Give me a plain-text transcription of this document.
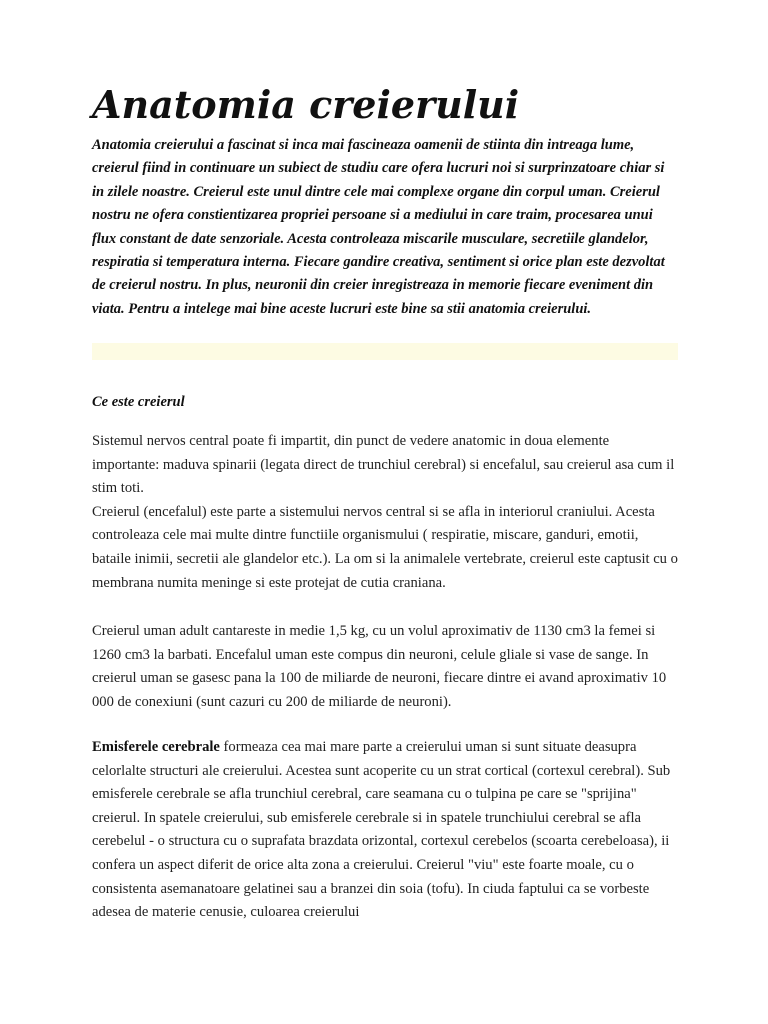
Anatomia creierului

Anatomia creierului a fascinat si inca mai fascineaza oamenii de stiinta din intreaga lume, creierul fiind in continuare un subiect de studiu care ofera lucruri noi si surprinzatoare chiar si in zilele noastre. Creierul este unul dintre cele mai complexe organe din corpul uman. Creierul nostru ne ofera constientizarea propriei persoane si a mediului in care traim, procesarea unui flux constant de date senzoriale. Acesta controleaza miscarile musculare, secretiile glandelor, respiratia si temperatura interna. Fiecare gandire creativa, sentiment si orice plan este dezvoltat de creierul nostru. In plus, neuronii din creier inregistreaza in memorie fiecare eveniment din viata. Pentru a intelege mai bine aceste lucruri este bine sa stii anatomia creierului.

Ce este creierul
Sistemul nervos central poate fi impartit, din punct de vedere anatomic in doua elemente importante: maduva spinarii (legata direct de trunchiul cerebral) si encefalul, sau creierul asa cum il stim toti.
Creierul (encefalul) este parte a sistemului nervos central si se afla in interiorul craniului. Acesta controleaza cele mai multe dintre functiile organismului ( respiratie, miscare, ganduri, emotii, bataile inimii, secretii ale glandelor etc.). La om si la animalele vertebrate, creierul este captusit cu o membrana numita meninge si este protejat de cutia craniana.

Creierul uman adult cantareste in medie 1,5 kg, cu un volul aproximativ de 1130 cm3 la femei si 1260 cm3 la barbati. Encefalul uman este compus din neuroni, celule gliale si vase de sange. In creierul uman se gasesc pana la 100 de miliarde de neuroni, fiecare dintre ei avand aproximativ 10 000 de conexiuni (sunt cazuri cu 200 de miliarde de neuroni).

Emisferele cerebrale formeaza cea mai mare parte a creierului uman si sunt situate deasupra celorlalte structuri ale creierului. Acestea sunt acoperite cu un strat cortical (cortexul cerebral). Sub emisferele cerebrale se afla trunchiul cerebral, care seamana cu o tulpina pe care se "sprijina" creierul. In spatele creierului, sub emisferele cerebrale si in spatele trunchiului cerebral se afla cerebelul - o structura cu o suprafata brazdata orizontal, cortexul cerebelos (scoarta cerebeloasa), ii confera un aspect diferit de orice alta zona a creierului. Creierul "viu" este foarte moale, cu o consistenta asemanatoare gelatinei sau a branzei din soia (tofu). In ciuda faptului ca se vorbeste adesea de materie cenusie, culoarea creierului
